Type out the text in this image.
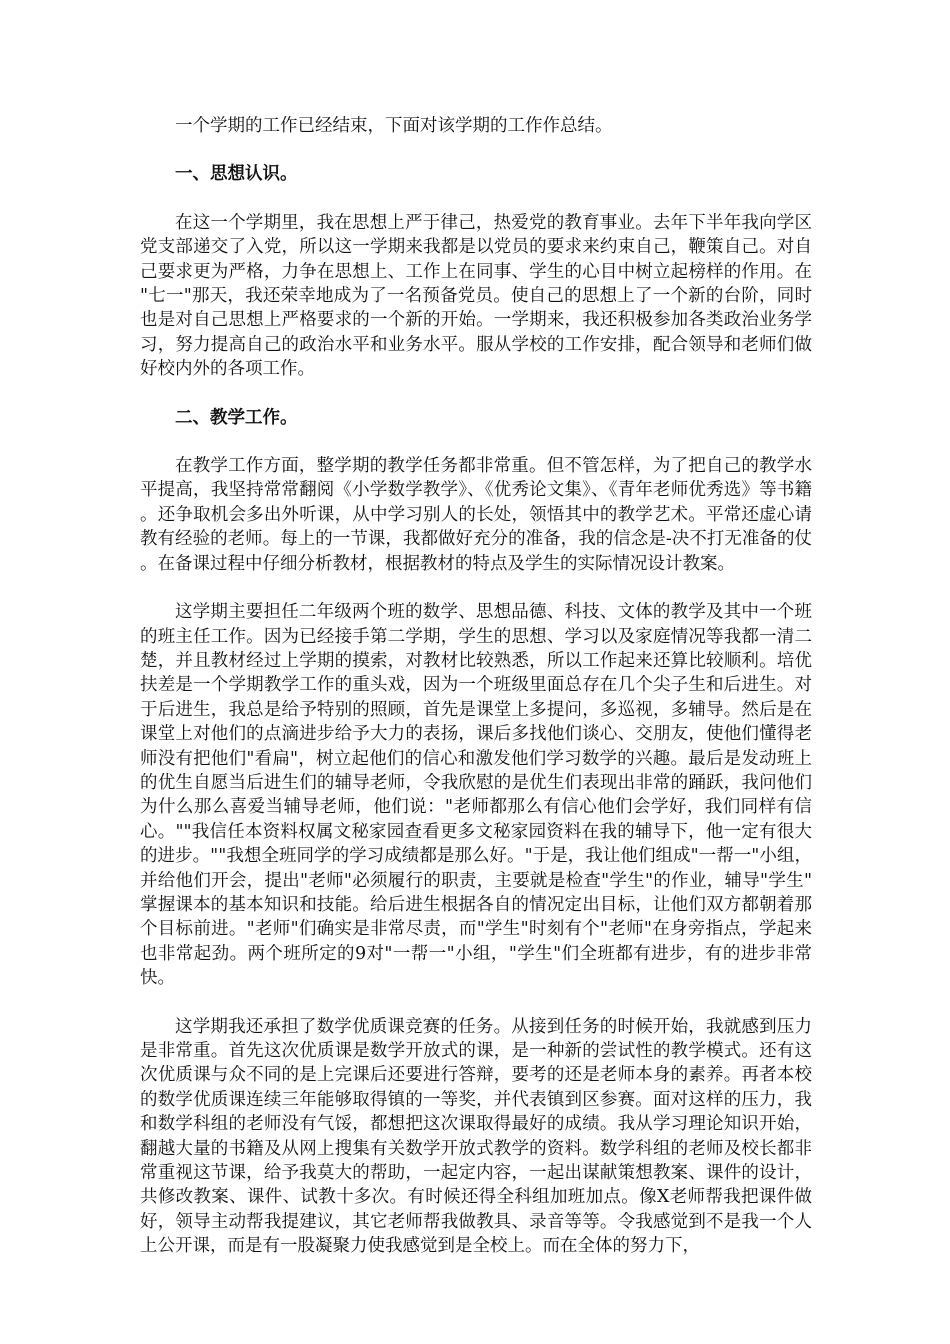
一个学期的工作已经结束，下面对该学期的工作作总结。

一、思想认识。

在这一个学期里，我在思想上严于律己，热爱党的教育事业。去年下半年我向学区党支部递交了入党，所以这一学期来我都是以党员的要求来约束自己，鞭策自己。对自己要求更为严格，力争在思想上、工作上在同事、学生的心目中树立起榜样的作用。在"七一"那天，我还荣幸地成为了一名预备党员。使自己的思想上了一个新的台阶，同时也是对自己思想上严格要求的一个新的开始。一学期来，我还积极参加各类政治业务学习，努力提高自己的政治水平和业务水平。服从学校的工作安排，配合领导和老师们做好校内外的各项工作。

二、教学工作。

在教学工作方面，整学期的教学任务都非常重。但不管怎样，为了把自己的教学水平提高，我坚持常常翻阅《小学数学教学》、《优秀论文集》、《青年老师优秀选》等书籍。还争取机会多出外听课，从中学习别人的长处，领悟其中的教学艺术。平常还虚心请教有经验的老师。每上的一节课，我都做好充分的准备，我的信念是-决不打无准备的仗。在备课过程中仔细分析教材，根据教材的特点及学生的实际情况设计教案。

这学期主要担任二年级两个班的数学、思想品德、科技、文体的教学及其中一个班的班主任工作。因为已经接手第二学期，学生的思想、学习以及家庭情况等我都一清二楚，并且教材经过上学期的摸索，对教材比较熟悉，所以工作起来还算比较顺利。培优扶差是一个学期教学工作的重头戏，因为一个班级里面总存在几个尖子生和后进生。对于后进生，我总是给予特别的照顾，首先是课堂上多提问，多巡视，多辅导。然后是在课堂上对他们的点滴进步给予大力的表扬，课后多找他们谈心、交朋友，使他们懂得老师没有把他们"看扁"，树立起他们的信心和激发他们学习数学的兴趣。最后是发动班上的优生自愿当后进生们的辅导老师，令我欣慰的是优生们表现出非常的踊跃，我问他们为什么那么喜爱当辅导老师，他们说："老师都那么有信心他们会学好，我们同样有信心。""我信任本资料权属文秘家园查看更多文秘家园资料在我的辅导下，他一定有很大的进步。""我想全班同学的学习成绩都是那么好。"于是，我让他们组成"一帮一"小组，并给他们开会，提出"老师"必须履行的职责，主要就是检查"学生"的作业，辅导"学生"掌握课本的基本知识和技能。给后进生根据各自的情况定出目标，让他们双方都朝着那个目标前进。"老师"们确实是非常尽责，而"学生"时刻有个"老师"在身旁指点，学起来也非常起劲。两个班所定的9对"一帮一"小组，"学生"们全班都有进步，有的进步非常快。

这学期我还承担了数学优质课竞赛的任务。从接到任务的时候开始，我就感到压力是非常重。首先这次优质课是数学开放式的课，是一种新的尝试性的教学模式。还有这次优质课与众不同的是上完课后还要进行答辩，要考的还是老师本身的素养。再者本校的数学优质课连续三年能够取得镇的一等奖，并代表镇到区参赛。面对这样的压力，我和数学科组的老师没有气馁，都想把这次课取得最好的成绩。我从学习理论知识开始，翻越大量的书籍及从网上搜集有关数学开放式教学的资料。数学科组的老师及校长都非常重视这节课，给予我莫大的帮助，一起定内容，一起出谋献策想教案、课件的设计，共修改教案、课件、试教十多次。有时候还得全科组加班加点。像X老师帮我把课件做好，领导主动帮我提建议，其它老师帮我做教具、录音等等。令我感觉到不是我一个人上公开课，而是有一股凝聚力使我感觉到是全校上。而在全体的努力下，
